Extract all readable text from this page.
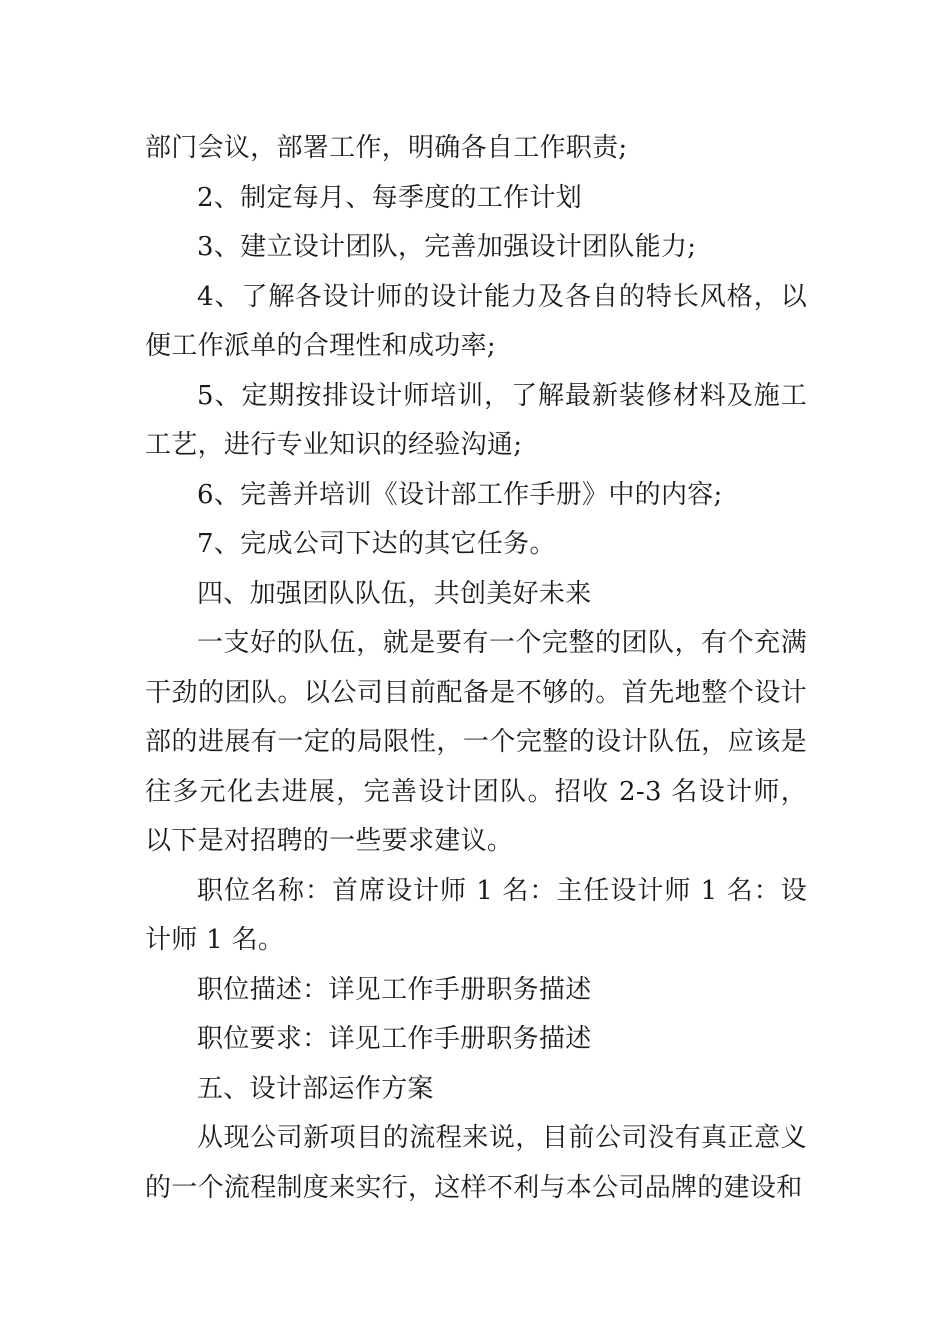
部门会议，部署工作，明确各自工作职责;

2、制定每月、每季度的工作计划

3、建立设计团队，完善加强设计团队能力;

4、了解各设计师的设计能力及各自的特长风格，以便工作派单的合理性和成功率;

5、定期按排设计师培训，了解最新装修材料及施工工艺，进行专业知识的经验沟通;

6、完善并培训《设计部工作手册》中的内容;

7、完成公司下达的其它任务。

四、加强团队队伍，共创美好未来

一支好的队伍，就是要有一个完整的团队，有个充满干劲的团队。以公司目前配备是不够的。首先地整个设计部的进展有一定的局限性，一个完整的设计队伍，应该是往多元化去进展，完善设计团队。招收 2-3 名设计师，以下是对招聘的一些要求建议。

职位名称：首席设计师 1 名：主任设计师 1 名：设计师 1 名。

职位描述：详见工作手册职务描述

职位要求：详见工作手册职务描述

五、设计部运作方案

从现公司新项目的流程来说，目前公司没有真正意义的一个流程制度来实行，这样不利与本公司品牌的建设和
